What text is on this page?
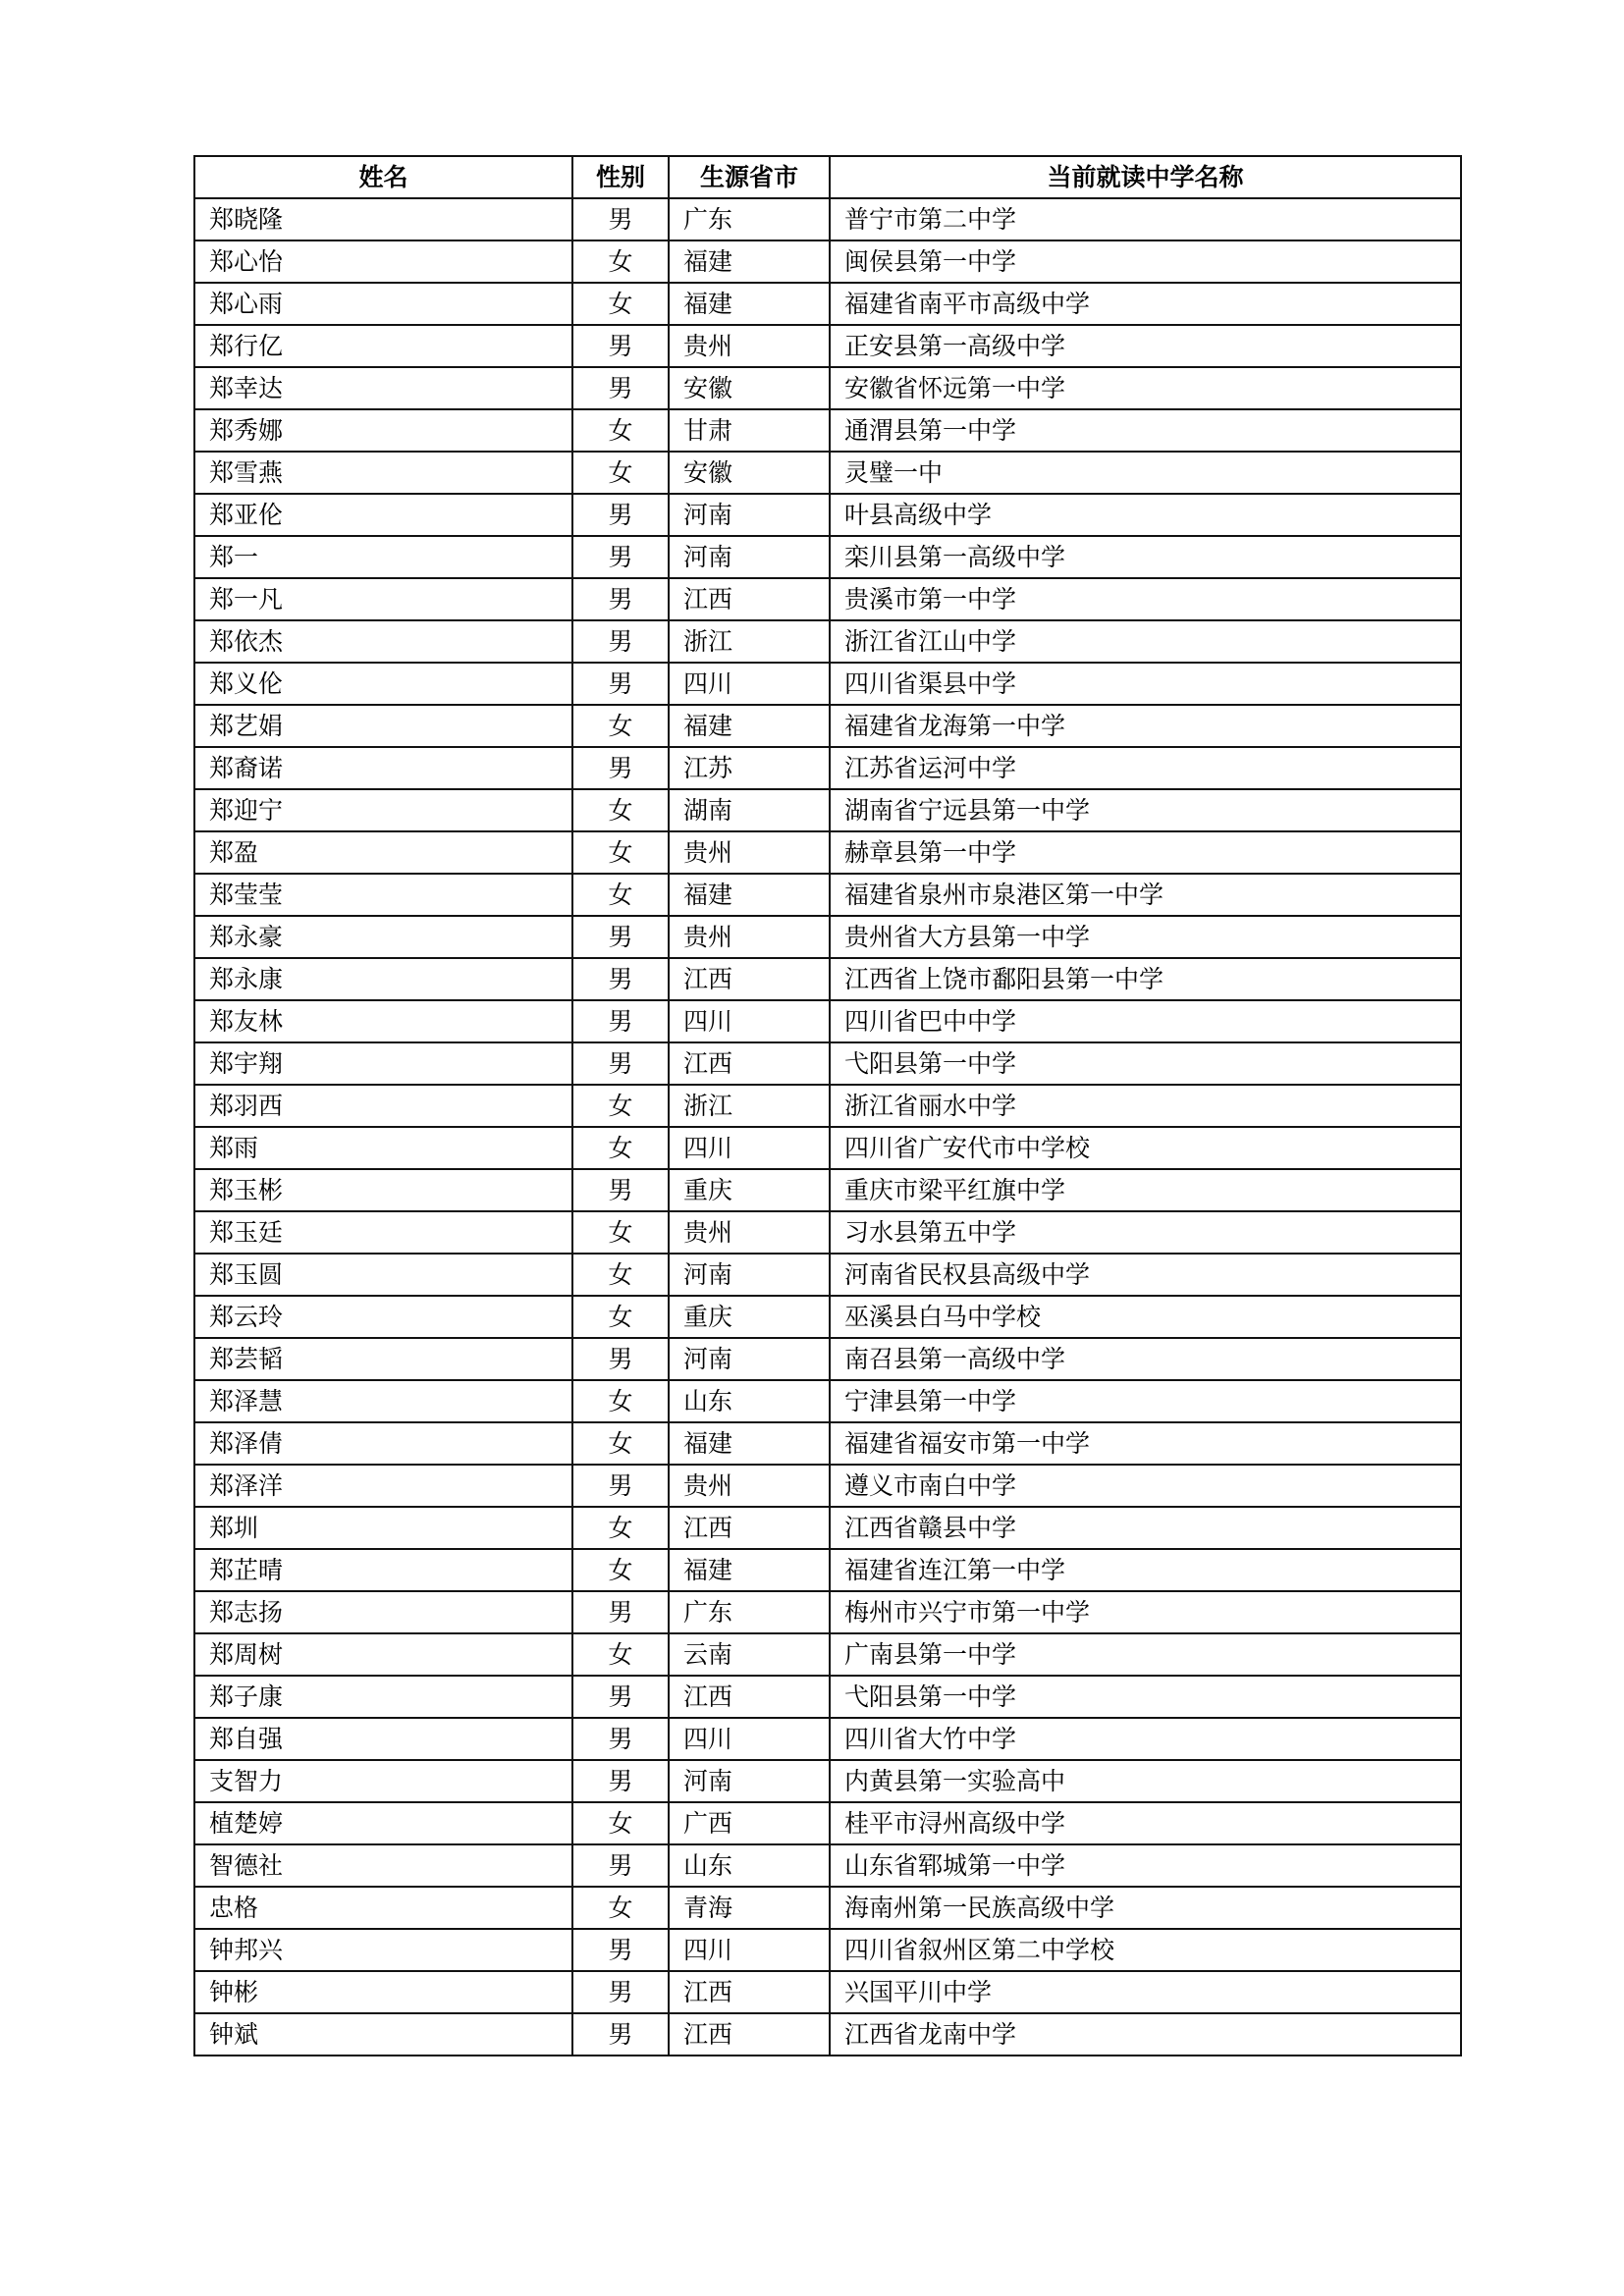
姓名	性别	生源省市	当前就读中学名称
郑晓隆	男	广东	普宁市第二中学
郑心怡	女	福建	闽侯县第一中学
郑心雨	女	福建	福建省南平市高级中学
郑行亿	男	贵州	正安县第一高级中学
郑幸达	男	安徽	安徽省怀远第一中学
郑秀娜	女	甘肃	通渭县第一中学
郑雪燕	女	安徽	灵璧一中
郑亚伦	男	河南	叶县高级中学
郑一	男	河南	栾川县第一高级中学
郑一凡	男	江西	贵溪市第一中学
郑依杰	男	浙江	浙江省江山中学
郑义伦	男	四川	四川省渠县中学
郑艺娟	女	福建	福建省龙海第一中学
郑裔诺	男	江苏	江苏省运河中学
郑迎宁	女	湖南	湖南省宁远县第一中学
郑盈	女	贵州	赫章县第一中学
郑莹莹	女	福建	福建省泉州市泉港区第一中学
郑永豪	男	贵州	贵州省大方县第一中学
郑永康	男	江西	江西省上饶市鄱阳县第一中学
郑友林	男	四川	四川省巴中中学
郑宇翔	男	江西	弋阳县第一中学
郑羽西	女	浙江	浙江省丽水中学
郑雨	女	四川	四川省广安代市中学校
郑玉彬	男	重庆	重庆市梁平红旗中学
郑玉廷	女	贵州	习水县第五中学
郑玉圆	女	河南	河南省民权县高级中学
郑云玲	女	重庆	巫溪县白马中学校
郑芸韬	男	河南	南召县第一高级中学
郑泽慧	女	山东	宁津县第一中学
郑泽倩	女	福建	福建省福安市第一中学
郑泽洋	男	贵州	遵义市南白中学
郑圳	女	江西	江西省赣县中学
郑芷晴	女	福建	福建省连江第一中学
郑志扬	男	广东	梅州市兴宁市第一中学
郑周树	女	云南	广南县第一中学
郑子康	男	江西	弋阳县第一中学
郑自强	男	四川	四川省大竹中学
支智力	男	河南	内黄县第一实验高中
植楚婷	女	广西	桂平市浔州高级中学
智德社	男	山东	山东省郓城第一中学
忠格	女	青海	海南州第一民族高级中学
钟邦兴	男	四川	四川省叙州区第二中学校
钟彬	男	江西	兴国平川中学
钟斌	男	江西	江西省龙南中学
